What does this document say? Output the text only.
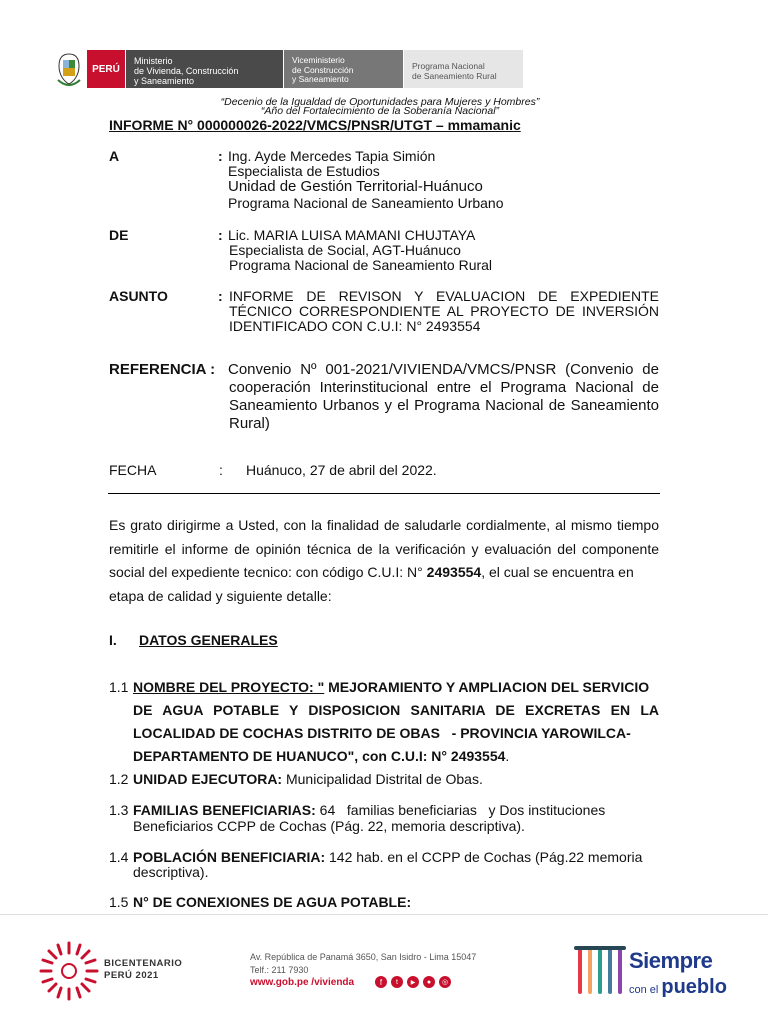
PERÚ
Ministerio
de Vivienda, Construcción
y Saneamiento
Viceministerio
de Construcción
y Saneamiento
Programa Nacional
de Saneamiento Rural
“Decenio de la Igualdad de Oportunidades para Mujeres y Hombres”
“Año del Fortalecimiento de la Soberanía Nacional”
INFORME N° 000000026-2022/VMCS/PNSR/UTGT – mmamanic
A	: Ing. Ayde Mercedes Tapia Simión
Especialista de Estudios
Unidad de Gestión Territorial-Huánuco
Programa Nacional de Saneamiento Urbano
DE	: Lic. MARIA LUISA MAMANI CHUJTAYA
Especialista de Social, AGT-Huánuco
Programa Nacional de Saneamiento Rural
ASUNTO	: INFORME DE REVISON Y EVALUACION DE EXPEDIENTE
TÉCNICO CORRESPONDIENTE AL PROYECTO DE INVERSIÓN
IDENTIFICADO CON C.U.I: N° 2493554
REFERENCIA : Convenio Nº 001-2021/VIVIENDA/VMCS/PNSR (Convenio de
cooperación Interinstitucional entre el Programa Nacional de
Saneamiento Urbanos y el Programa Nacional de Saneamiento
Rural)
FECHA	: Huánuco, 27 de abril del 2022.
Es grato dirigirme a Usted, con la finalidad de saludarle cordialmente, al mismo tiempo
remitirle el informe de opinión técnica de la verificación y evaluación del componente
social del expediente tecnico: con código C.U.I: N° 2493554 , el cual se encuentra en
etapa de calidad y siguiente detalle:
I. DATOS GENERALES
1.1 NOMBRE DEL PROYECTO: " MEJORAMIENTO Y AMPLIACION DEL SERVICIO
DE AGUA POTABLE Y DISPOSICION SANITARIA DE EXCRETAS EN LA
LOCALIDAD DE COCHAS DISTRITO DE OBAS   - PROVINCIA YAROWILCA-
DEPARTAMENTO DE HUANUCO", con C.U.I: N° 2493554 .
1.2 UNIDAD EJECUTORA: Municipalidad Distrital de Obas.
1.3 FAMILIAS BENEFICIARIAS: 64   familias beneficiarias   y Dos instituciones
Beneficiarios CCPP de Cochas (Pág. 22, memoria descriptiva).
1.4 POBLACIÓN BENEFICIARIA: 142 hab. en el CCPP de Cochas (Pág.22 memoria
descriptiva).
1.5 N° DE CONEXIONES DE AGUA POTABLE:
BICENTENARIO
PERÚ 2021
Av. República de Panamá 3650, San Isidro - Lima 15047
Telf.: 211 7930
www.gob.pe /vivienda	f	t	▶	●	◎
Siempre
con el pueblo
